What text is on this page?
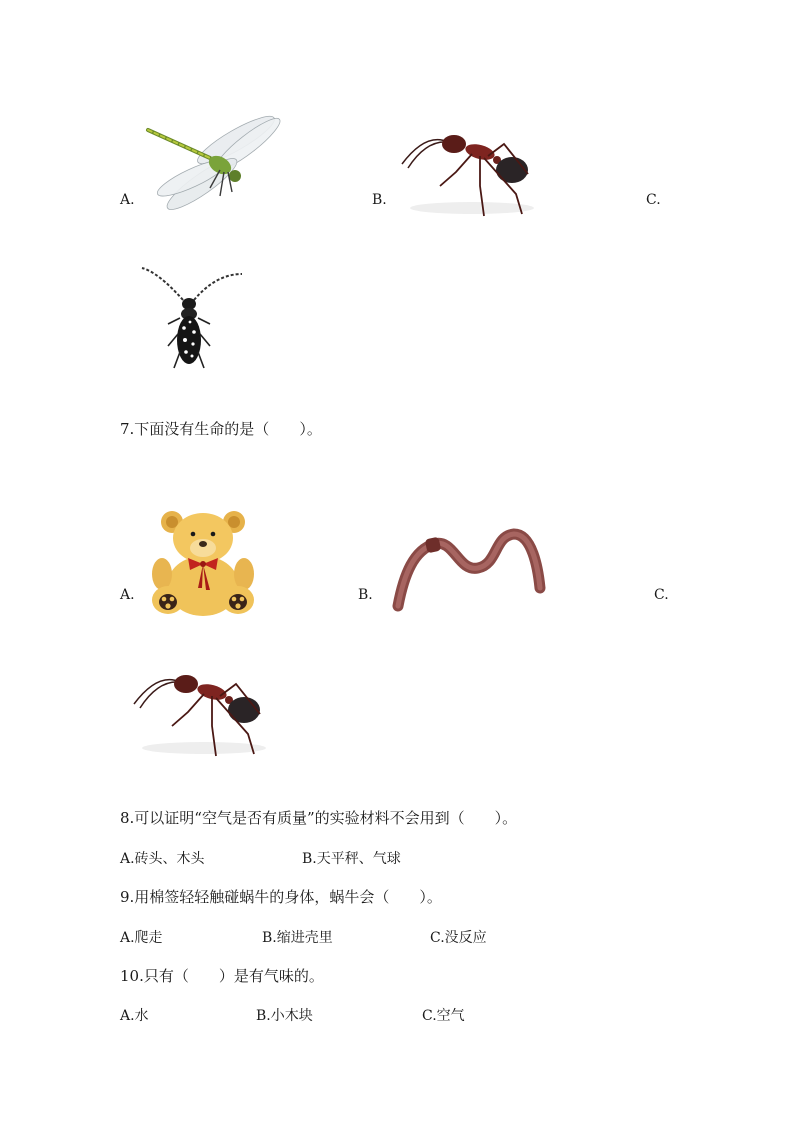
A.	B.	C.
7.下面没有生命的是（　　）。
A.	B.	C.
8.可以证明“空气是否有质量”的实验材料不会用到（　　）。
A.砖头、木头	B.天平秤、气球
9.用棉签轻轻触碰蜗牛的身体，蜗牛会（　　）。
A.爬走	B.缩进壳里	C.没反应
10.只有（　　）是有气味的。
A.水	B.小木块	C.空气
